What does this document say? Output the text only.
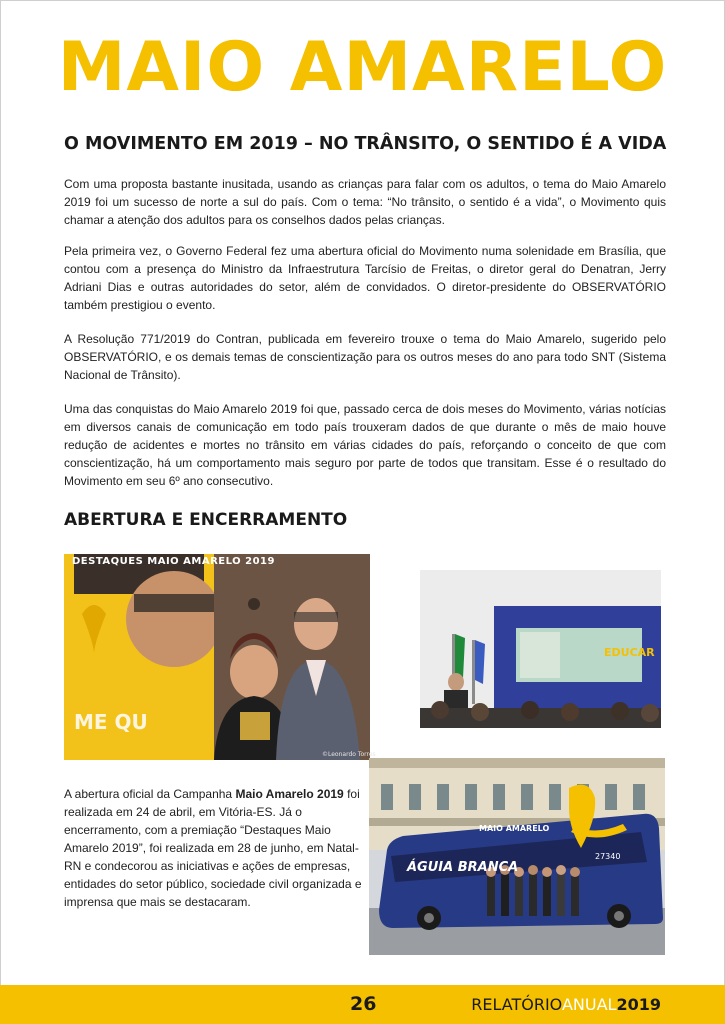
MAIO AMARELO
O MOVIMENTO EM 2019 – NO TRÂNSITO, O SENTIDO É A VIDA

Com uma proposta bastante inusitada, usando as crianças para falar com os adultos, o tema do Maio Amarelo 2019 foi um sucesso de norte a sul do país. Com o tema: “No trânsito, o sentido é a vida”, o Movimento quis chamar a atenção dos adultos para os conselhos dados pelas crianças.

Pela primeira vez, o Governo Federal fez uma abertura oficial do Movimento numa solenidade em Brasília, que contou com a presença do Ministro da Infraestrutura Tarcísio de Freitas, o diretor geral do Denatran, Jerry Adriani Dias e outras autoridades do setor, além de convidados. O diretor-presidente do OBSERVATÓRIO também prestigiou o evento.

A Resolução 771/2019 do Contran, publicada em fevereiro trouxe o tema do Maio Amarelo, sugerido pelo OBSERVATÓRIO, e os demais temas de conscientização para os outros meses do ano para todo SNT (Sistema Nacional de Trânsito).

Uma das conquistas do Maio Amarelo 2019 foi que, passado cerca de dois meses do Movimento, várias notícias em diversos canais de comunicação em todo país trouxeram dados de que durante o mês de maio houve redução de acidentes e mortes no trânsito em várias cidades do país, reforçando o conceito de que com conscientização, há um comportamento mais seguro por parte de todos que transitam. Esse é o resultado do Movimento em seu 6º ano consecutivo.

ABERTURA E ENCERRAMENTO
ME QU
©Leonardo Torres
DESTAQUES MAIO AMARELO 2019
EDUCAR
MAIO AMARELO
ÁGUIA BRANCA
27340

A abertura oficial da Campanha Maio Amarelo 2019 foi realizada em 24 de abril, em Vitória-ES. Já o encerramento, com a premiação “Destaques Maio Amarelo 2019”, foi realizada em 28 de junho, em Natal-RN e condecorou as iniciativas e ações de empresas, entidades do setor público, sociedade civil organizada e imprensa que mais se destacaram.

26	RELATÓRIOANUAL2019
